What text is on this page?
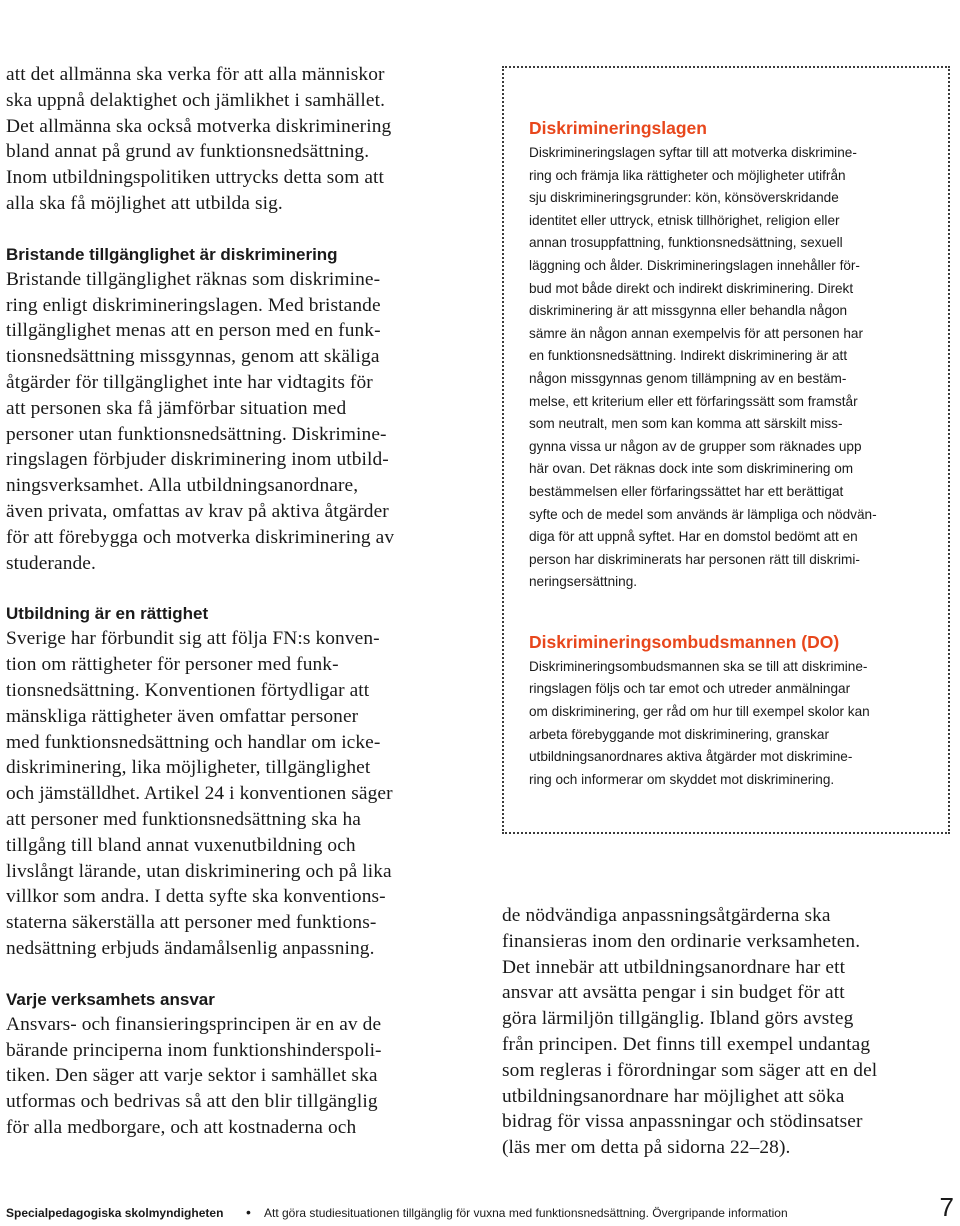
att det allmänna ska verka för att alla människor
ska uppnå delaktighet och jämlikhet i samhället.
Det allmänna ska också motverka diskriminering
bland annat på grund av funktionsnedsättning.
Inom utbildningspolitiken uttrycks detta som att
alla ska få möjlighet att utbilda sig.

Bristande tillgänglighet är diskriminering

Bristande tillgänglighet räknas som diskrimine-
ring enligt diskrimineringslagen. Med bristande
tillgänglighet menas att en person med en funk-
tionsnedsättning missgynnas, genom att skäliga
åtgärder för tillgänglighet inte har vidtagits för
att personen ska få jämförbar situation med
personer utan funktionsnedsättning. Diskrimine-
ringslagen förbjuder diskriminering inom utbild-
ningsverksamhet. Alla utbildningsanordnare,
även privata, omfattas av krav på aktiva åtgärder
för att förebygga och motverka diskriminering av
studerande.

Utbildning är en rättighet

Sverige har förbundit sig att följa FN:s konven-
tion om rättigheter för personer med funk-
tionsnedsättning. Konventionen förtydligar att
mänskliga rättigheter även omfattar personer
med funktionsnedsättning och handlar om icke-
diskriminering, lika möjligheter, tillgänglighet
och jämställdhet. Artikel 24 i konventionen säger
att personer med funktionsnedsättning ska ha
tillgång till bland annat vuxenutbildning och
livslångt lärande, utan diskriminering och på lika
villkor som andra. I detta syfte ska konventions-
staterna säkerställa att personer med funktions-
nedsättning erbjuds ändamålsenlig anpassning.

Varje verksamhets ansvar

Ansvars- och finansieringsprincipen är en av de
bärande principerna inom funktionshinderspoli-
tiken. Den säger att varje sektor i samhället ska
utformas och bedrivas så att den blir tillgänglig
för alla medborgare, och att kostnaderna och

Diskrimineringslagen

Diskrimineringslagen syftar till att motverka diskrimine-
ring och främja lika rättigheter och möjligheter utifrån
sju diskrimineringsgrunder: kön, könsöverskridande
identitet eller uttryck, etnisk tillhörighet, religion eller
annan trosuppfattning, funktionsnedsättning, sexuell
läggning och ålder. Diskrimineringslagen innehåller för-
bud mot både direkt och indirekt diskriminering. Direkt
diskriminering är att missgynna eller behandla någon
sämre än någon annan exempelvis för att personen har
en funktionsnedsättning. Indirekt diskriminering är att
någon missgynnas genom tillämpning av en bestäm-
melse, ett kriterium eller ett förfaringssätt som framstår
som neutralt, men som kan komma att särskilt miss-
gynna vissa ur någon av de grupper som räknades upp
här ovan. Det räknas dock inte som diskriminering om
bestämmelsen eller förfaringssättet har ett berättigat
syfte och de medel som används är lämpliga och nödvän-
diga för att uppnå syftet. Har en domstol bedömt att en
person har diskriminerats har personen rätt till diskrimi-
neringsersättning.

Diskrimineringsombudsmannen (DO)

Diskrimineringsombudsmannen ska se till att diskrimine-
ringslagen följs och tar emot och utreder anmälningar
om diskriminering, ger råd om hur till exempel skolor kan
arbeta förebyggande mot diskriminering, granskar
utbildningsanordnares aktiva åtgärder mot diskrimine-
ring och informerar om skyddet mot diskriminering.

de nödvändiga anpassningsåtgärderna ska
finansieras inom den ordinarie verksamheten.
Det innebär att utbildningsanordnare har ett
ansvar att avsätta pengar i sin budget för att
göra lärmiljön tillgänglig. Ibland görs avsteg
från principen. Det finns till exempel undantag
som regleras i förordningar som säger att en del
utbildningsanordnare har möjlighet att söka
bidrag för vissa anpassningar och stödinsatser
(läs mer om detta på sidorna 22–28).

Specialpedagogiska skolmyndigheten • Att göra studiesituationen tillgänglig för vuxna med funktionsnedsättning. Övergripande information	7
